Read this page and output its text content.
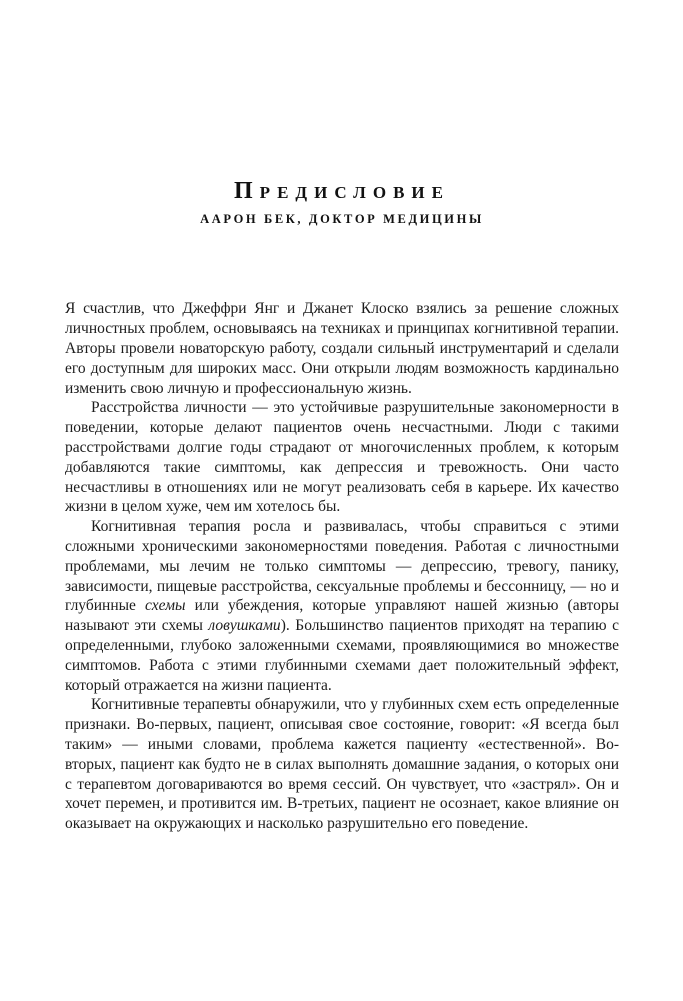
Предисловие
ААРОН БЕК, ДОКТОР МЕДИЦИНЫ

Я счастлив, что Джеффри Янг и Джанет Клоско взялись за решение сложных личностных проблем, основываясь на техниках и принципах когнитивной терапии. Авторы провели новаторскую работу, создали сильный инструментарий и сделали его доступным для широких масс. Они открыли людям возможность кардинально изменить свою личную и профессиональную жизнь.

Расстройства личности — это устойчивые разрушительные закономерности в поведении, которые делают пациентов очень несчастными. Люди с такими расстройствами долгие годы страдают от многочисленных проблем, к которым добавляются такие симптомы, как депрессия и тревожность. Они часто несчастливы в отношениях или не могут реализовать себя в карьере. Их качество жизни в целом хуже, чем им хотелось бы.

Когнитивная терапия росла и развивалась, чтобы справиться с этими сложными хроническими закономерностями поведения. Работая с личностными проблемами, мы лечим не только симптомы — депрессию, тревогу, панику, зависимости, пищевые расстройства, сексуальные проблемы и бессонницу, — но и глубинные схемы или убеждения, которые управляют нашей жизнью (авторы называют эти схемы ловушками). Большинство пациентов приходят на терапию с определенными, глубоко заложенными схемами, проявляющимися во множестве симптомов. Работа с этими глубинными схемами дает положительный эффект, который отражается на жизни пациента.

Когнитивные терапевты обнаружили, что у глубинных схем есть определенные признаки. Во-первых, пациент, описывая свое состояние, говорит: «Я всегда был таким» — иными словами, проблема кажется пациенту «естественной». Во-вторых, пациент как будто не в силах выполнять домашние задания, о которых они с терапевтом договариваются во время сессий. Он чувствует, что «застрял». Он и хочет перемен, и противится им. В-третьих, пациент не осознает, какое влияние он оказывает на окружающих и насколько разрушительно его поведение.
